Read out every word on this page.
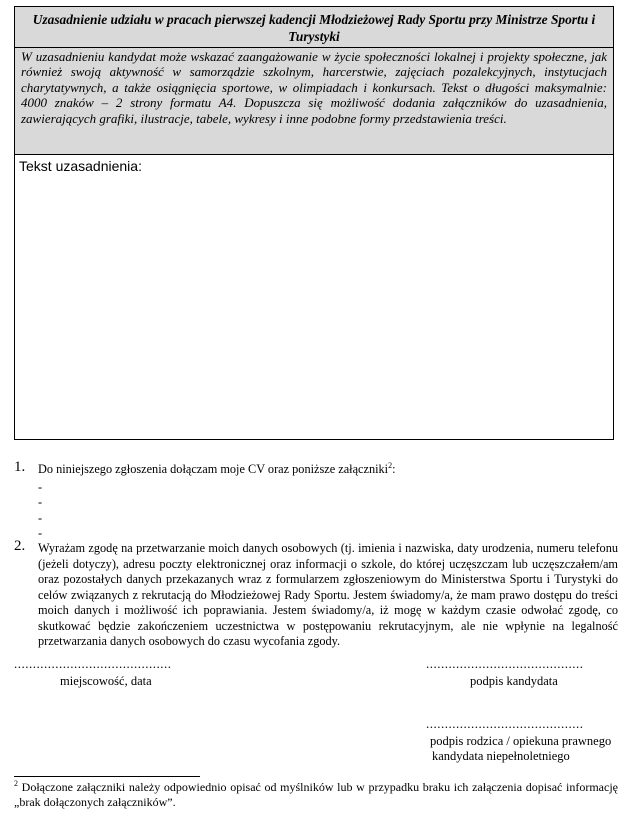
Uzasadnienie udziału w pracach pierwszej kadencji Młodzieżowej Rady Sportu przy Ministrze Sportu i Turystyki
W uzasadnieniu kandydat może wskazać zaangażowanie w życie społeczności lokalnej i projekty społeczne, jak również swoją aktywność w samorządzie szkolnym, harcerstwie, zajęciach pozalekcyjnych, instytucjach charytatywnych, a także osiągnięcia sportowe, w olimpiadach i konkursach. Tekst o długości maksymalnie: 4000 znaków – 2 strony formatu A4. Dopuszcza się możliwość dodania załączników do uzasadnienia, zawierających grafiki, ilustracje, tabele, wykresy i inne podobne formy przedstawienia treści.
Tekst uzasadnienia:
1. Do niniejszego zgłoszenia dołączam moje CV oraz poniższe załączniki$^2$:
-
-
-
-
2. Wyrażam zgodę na przetwarzanie moich danych osobowych (tj. imienia i nazwiska, daty urodzenia, numeru telefonu (jeżeli dotyczy), adresu poczty elektronicznej oraz informacji o szkole, do której uczęszczam lub uczęszczałem/am oraz pozostałych danych przekazanych wraz z formularzem zgłoszeniowym do Ministerstwa Sportu i Turystyki do celów związanych z rekrutacją do Młodzieżowej Rady Sportu. Jestem świadomy/a, że mam prawo dostępu do treści moich danych i możliwość ich poprawiania. Jestem świadomy/a, iż mogę w każdym czasie odwołać zgodę, co skutkować będzie zakończeniem uczestnictwa w postępowaniu rekrutacyjnym, ale nie wpłynie na legalność przetwarzania danych osobowych do czasu wycofania zgody.
..........................................
miejscowość, data
..........................................
podpis kandydata
..........................................
podpis rodzica / opiekuna prawnego
kandydata niepełnoletniego
$^2$ Dołączone załączniki należy odpowiednio opisać od myślników lub w przypadku braku ich załączenia dopisać informację „brak dołączonych załączników”.
